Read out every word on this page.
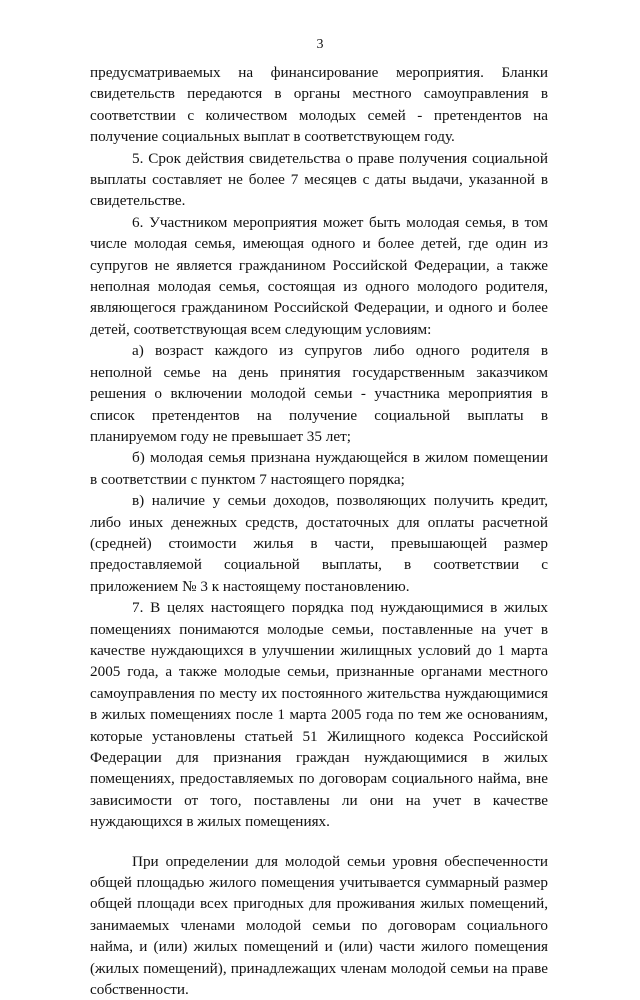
3

предусматриваемых на финансирование мероприятия. Бланки свидетельств передаются в органы местного самоуправления в соответствии с количеством молодых семей - претендентов на получение социальных выплат в соответствующем году.

5. Срок действия свидетельства о праве получения социальной выплаты составляет не более 7 месяцев с даты выдачи, указанной в свидетельстве.

6. Участником мероприятия может быть молодая семья, в том числе молодая семья, имеющая одного и более детей, где один из супругов не является гражданином Российской Федерации, а также неполная молодая семья, состоящая из одного молодого родителя, являющегося гражданином Российской Федерации, и одного и более детей, соответствующая всем следующим условиям:

а) возраст каждого из супругов либо одного родителя в неполной семье на день принятия государственным заказчиком решения о включении молодой семьи - участника мероприятия в список претендентов на получение социальной выплаты в планируемом году не превышает 35 лет;

б) молодая семья признана нуждающейся в жилом помещении в соответствии с пунктом 7 настоящего порядка;

в) наличие у семьи доходов, позволяющих получить кредит, либо иных денежных средств, достаточных для оплаты расчетной (средней) стоимости жилья в части, превышающей размер предоставляемой социальной выплаты, в соответствии с приложением № 3 к настоящему постановлению.

7. В целях настоящего порядка под нуждающимися в жилых помещениях понимаются молодые семьи, поставленные на учет в качестве нуждающихся в улучшении жилищных условий до 1 марта 2005 года, а также молодые семьи, признанные органами местного самоуправления по месту их постоянного жительства нуждающимися в жилых помещениях после 1 марта 2005 года по тем же основаниям, которые установлены статьей 51 Жилищного кодекса Российской Федерации для признания граждан нуждающимися в жилых помещениях, предоставляемых по договорам социального найма, вне зависимости от того, поставлены ли они на учет в качестве нуждающихся в жилых помещениях.

При определении для молодой семьи уровня обеспеченности общей площадью жилого помещения учитывается суммарный размер общей площади всех пригодных для проживания жилых помещений, занимаемых членами молодой семьи по договорам социального найма, и (или) жилых помещений и (или) части жилого помещения (жилых помещений), принадлежащих членам молодой семьи на праве собственности.
